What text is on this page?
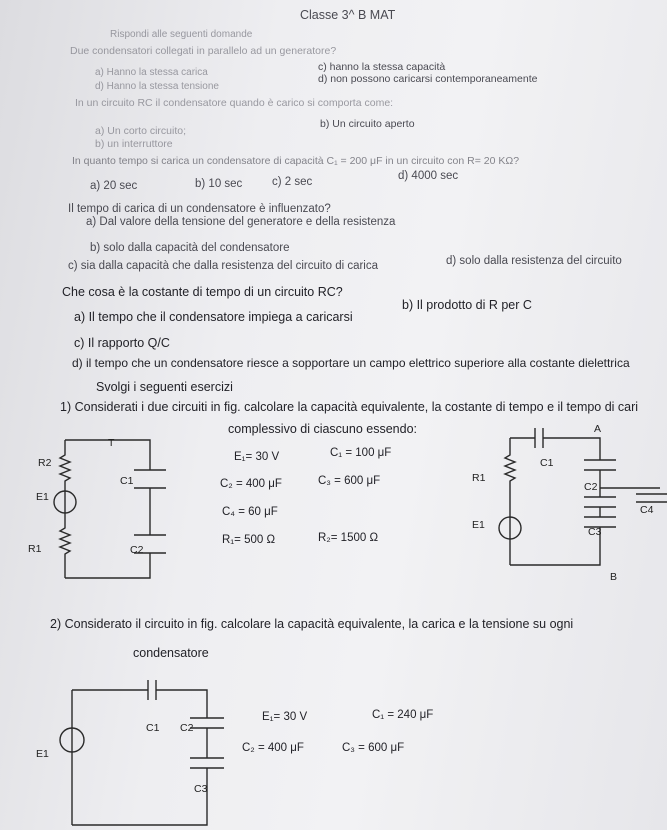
Classe 3^ B MAT
Rispondi alle seguenti domande
Due condensatori collegati in parallelo ad un generatore?
a) Hanno la stessa carica
d) Hanno la stessa tensione
c) hanno la stessa capacità
d) non possono caricarsi contemporaneamente
In un circuito RC il condensatore quando è carico si comporta come:
a) Un corto circuito;
b) un interruttore
b) Un circuito aperto
In quanto tempo si carica un condensatore di capacità C₁ = 200 μF in un circuito con R= 20 KΩ?
a) 20 sec	b) 10 sec	c) 2 sec	d) 4000 sec
Il tempo di carica di un condensatore è influenzato?
a) Dal valore della tensione del generatore e della resistenza
b) solo dalla capacità del condensatore
c) sia dalla capacità che dalla resistenza del circuito di carica	d) solo dalla resistenza del circuito
Che cosa è la costante di tempo di un circuito RC?
a) Il tempo che il condensatore impiega a caricarsi
b) Il prodotto di R per C
c) Il rapporto Q/C
d) il tempo che un condensatore riesce a sopportare un campo elettrico superiore alla costante dielettrica
Svolgi i seguenti esercizi
1) Considerati i due circuiti in fig. calcolare la capacità equivalente, la costante di tempo e il tempo di cari
complessivo di ciascuno essendo:
E₁= 30 V	C₁ = 100 μF
C₂ = 400 μF	C₃ = 600 μF
C₄ = 60 μF
R₁= 500 Ω	R₂= 1500 Ω
2) Considerato il circuito in fig. calcolare la capacità equivalente, la carica e la tensione su ogni
condensatore
E₁= 30 V	C₁ = 240 μF
C₂ = 400 μF	C₃ = 600 μF
T
R2
E1
R1
C1
C2
A
B
R1
E1
C1
C2
C3
C4
C1 C2
C3
E1
